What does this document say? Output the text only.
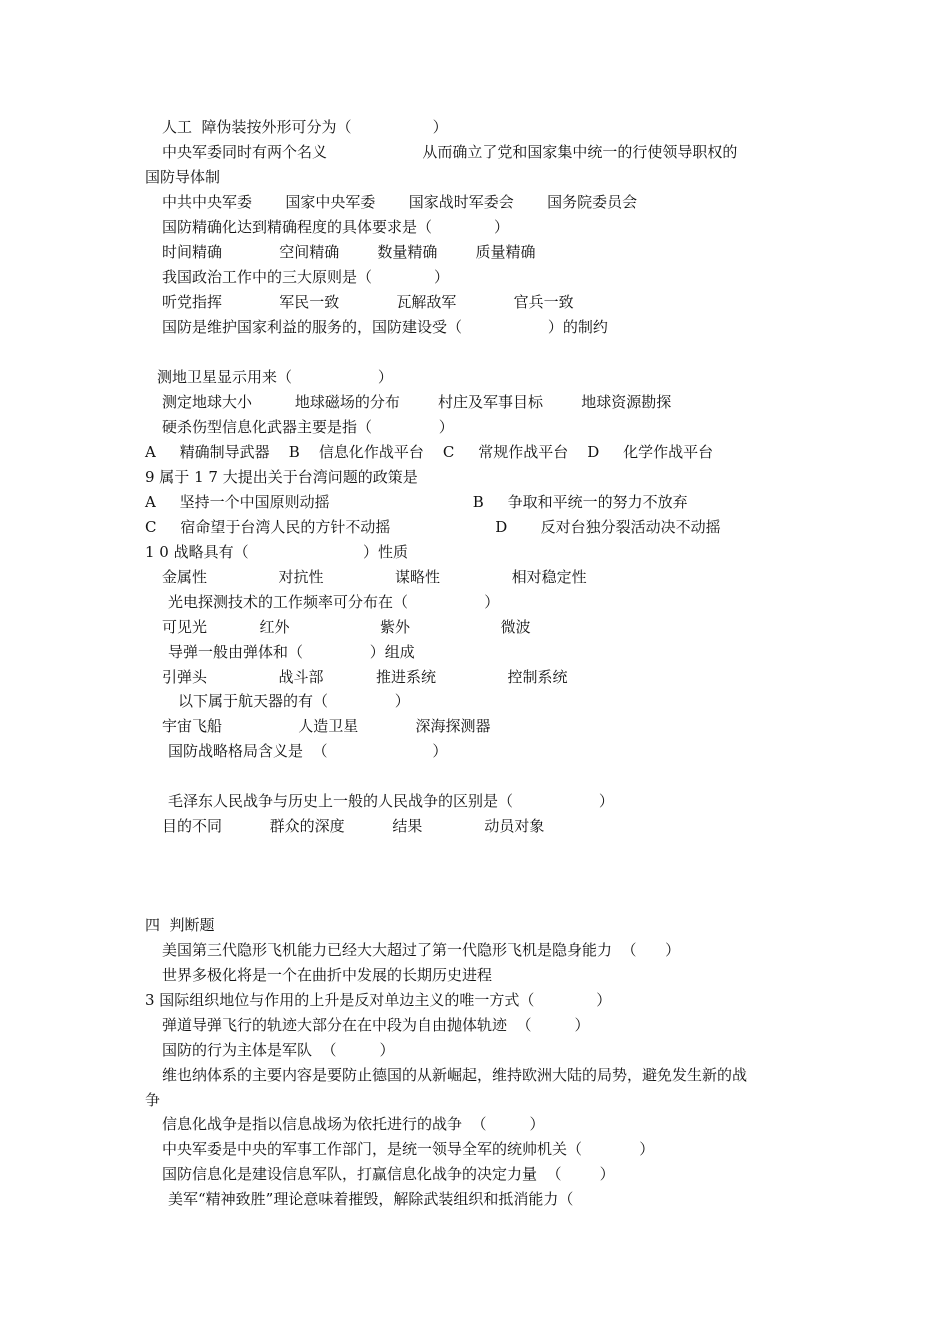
人工  障伪装按外形可分为（                 ）
中央军委同时有两个名义                    从而确立了党和国家集中统一的行使领导职权的
国防导体制
中共中央军委       国家中央军委       国家战时军委会       国务院委员会
国防精确化达到精确程度的具体要求是（             ）
时间精确            空间精确        数量精确        质量精确
我国政治工作中的三大原则是（             ）
听党指挥            军民一致            瓦解敌军            官兵一致
国防是维护国家利益的服务的，国防建设受（                  ）的制约
测地卫星显示用来（                  ）
测定地球大小         地球磁场的分布        村庄及军事目标        地球资源勘探
硬杀伤型信息化武器主要是指（              ）
A     精确制导武器    B    信息化作战平台    C     常规作战平台    D     化学作战平台
9 属于 1 7 大提出关于台湾问题的政策是
A     坚持一个中国原则动摇                              B     争取和平统一的努力不放弃
C     宿命望于台湾人民的方针不动摇                      D       反对台独分裂活动决不动摇
1 0 战略具有（                        ）性质
金属性               对抗性               谋略性               相对稳定性
光电探测技术的工作频率可分布在（                ）
可见光           红外                   紫外                   微波
导弹一般由弹体和（              ）组成
引弹头               战斗部           推进系统               控制系统
以下属于航天器的有（              ）
宇宙飞船                人造卫星            深海探测器
国防战略格局含义是  （                      ）
毛泽东人民战争与历史上一般的人民战争的区别是（                  ）
目的不同          群众的深度          结果             动员对象
四  判断题
美国第三代隐形飞机能力已经大大超过了第一代隐形飞机是隐身能力  （      ）
世界多极化将是一个在曲折中发展的长期历史进程
3 国际组织地位与作用的上升是反对单边主义的唯一方式（             ）
弹道导弹飞行的轨迹大部分在在中段为自由抛体轨迹  （         ）
国防的行为主体是军队  （         ）
维也纳体系的主要内容是要防止德国的从新崛起，维持欧洲大陆的局势，避免发生新的战
争
信息化战争是指以信息战场为依托进行的战争  （         ）
中央军委是中央的军事工作部门，是统一领导全军的统帅机关（            ）
国防信息化是建设信息军队，打赢信息化战争的决定力量  （        ）
美军“精神致胜”理论意味着摧毁，解除武装组织和抵消能力（
